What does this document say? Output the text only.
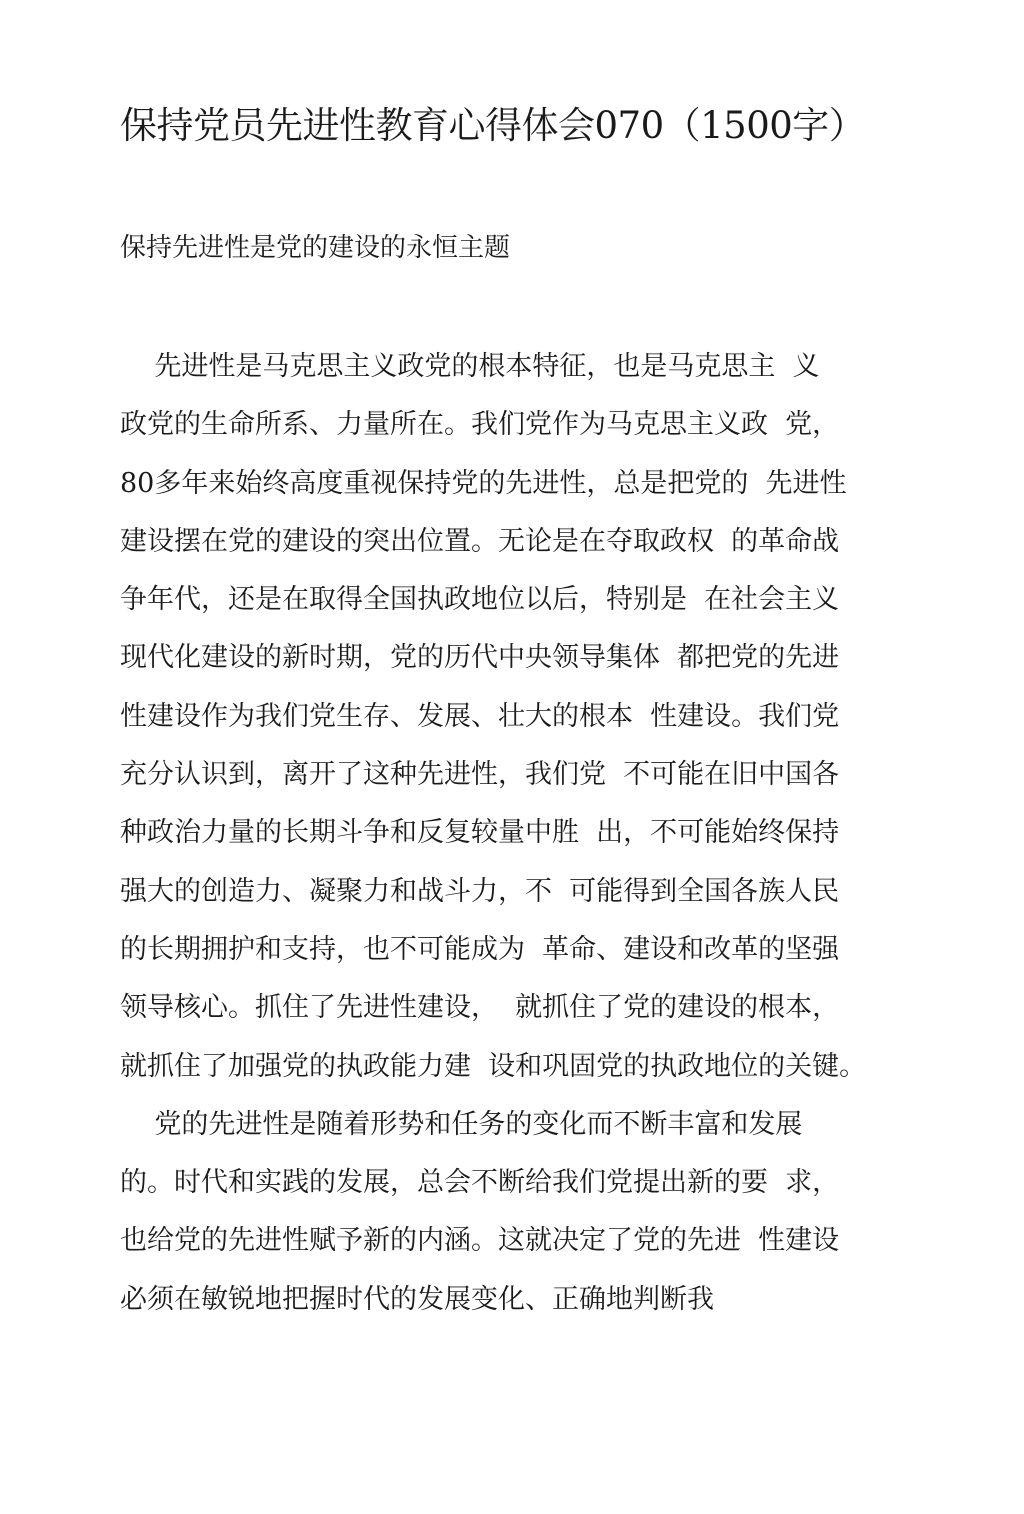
保持党员先进性教育心得体会070（1500字）
保持先进性是党的建设的永恒主题
先进性是马克思主义政党的根本特征，也是马克思主  义
政党的生命所系、力量所在。我们党作为马克思主义政  党，
80多年来始终高度重视保持党的先进性，总是把党的  先进性
建设摆在党的建设的突出位置。无论是在夺取政权  的革命战
争年代，还是在取得全国执政地位以后，特别是  在社会主义
现代化建设的新时期，党的历代中央领导集体  都把党的先进
性建设作为我们党生存、发展、壮大的根本  性建设。我们党
充分认识到，离开了这种先进性，我们党  不可能在旧中国各
种政治力量的长期斗争和反复较量中胜  出，不可能始终保持
强大的创造力、凝聚力和战斗力，不  可能得到全国各族人民
的长期拥护和支持，也不可能成为  革命、建设和改革的坚强
领导核心。抓住了先进性建设，  就抓住了党的建设的根本，
就抓住了加强党的执政能力建  设和巩固党的执政地位的关键。
党的先进性是随着形势和任务的变化而不断丰富和发展
的。时代和实践的发展，总会不断给我们党提出新的要  求，
也给党的先进性赋予新的内涵。这就决定了党的先进  性建设
必须在敏锐地把握时代的发展变化、正确地判断我
